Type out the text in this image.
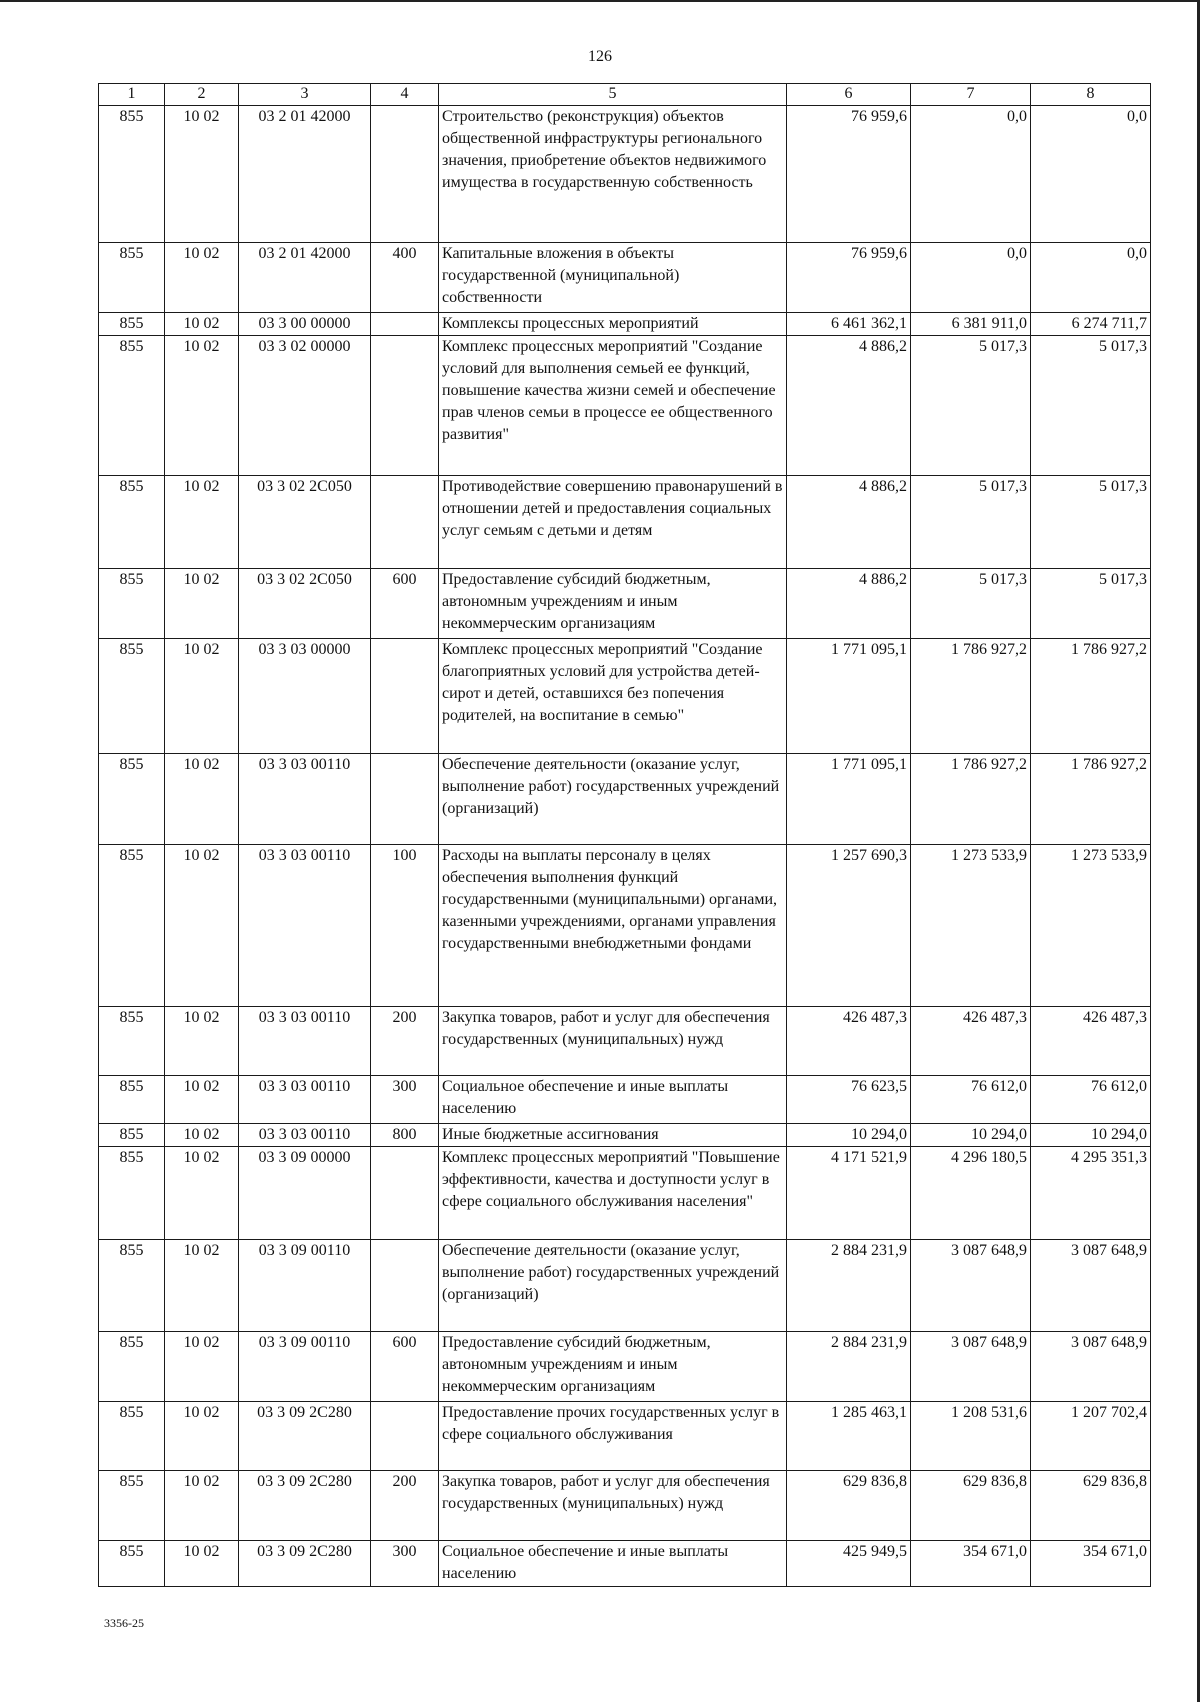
126
1	2	3	4	5	6	7	8
855	10 02	03 2 01 42000		Строительство (реконструкция) объектов общественной инфраструктуры регионального значения, приобретение объектов недвижимого имущества в государственную собственность	76 959,6	0,0	0,0
855	10 02	03 2 01 42000	400	Капитальные вложения в объекты государственной (муниципальной) собственности	76 959,6	0,0	0,0
855	10 02	03 3 00 00000		Комплексы процессных мероприятий	6 461 362,1	6 381 911,0	6 274 711,7
855	10 02	03 3 02 00000		Комплекс процессных мероприятий "Создание условий для выполнения семьей ее функций, повышение качества жизни семей и обеспечение прав членов семьи в процессе ее общественного развития"	4 886,2	5 017,3	5 017,3
855	10 02	03 3 02 2C050		Противодействие совершению правонарушений в отношении детей и предоставления социальных услуг семьям с детьми и детям	4 886,2	5 017,3	5 017,3
855	10 02	03 3 02 2C050	600	Предоставление субсидий бюджетным, автономным учреждениям и иным некоммерческим организациям	4 886,2	5 017,3	5 017,3
855	10 02	03 3 03 00000		Комплекс процессных мероприятий "Создание благоприятных условий для устройства детей-сирот и детей, оставшихся без попечения родителей, на воспитание в семью"	1 771 095,1	1 786 927,2	1 786 927,2
855	10 02	03 3 03 00110		Обеспечение деятельности (оказание услуг, выполнение работ) государственных учреждений (организаций)	1 771 095,1	1 786 927,2	1 786 927,2
855	10 02	03 3 03 00110	100	Расходы на выплаты персоналу в целях обеспечения выполнения функций государственными (муниципальными) органами, казенными учреждениями, органами управления государственными внебюджетными фондами	1 257 690,3	1 273 533,9	1 273 533,9
855	10 02	03 3 03 00110	200	Закупка товаров, работ и услуг для обеспечения государственных (муниципальных) нужд	426 487,3	426 487,3	426 487,3
855	10 02	03 3 03 00110	300	Социальное обеспечение и иные выплаты населению	76 623,5	76 612,0	76 612,0
855	10 02	03 3 03 00110	800	Иные бюджетные ассигнования	10 294,0	10 294,0	10 294,0
855	10 02	03 3 09 00000		Комплекс процессных мероприятий "Повышение эффективности, качества и доступности услуг в сфере социального обслуживания населения"	4 171 521,9	4 296 180,5	4 295 351,3
855	10 02	03 3 09 00110		Обеспечение деятельности (оказание услуг, выполнение работ) государственных учреждений (организаций)	2 884 231,9	3 087 648,9	3 087 648,9
855	10 02	03 3 09 00110	600	Предоставление субсидий бюджетным, автономным учреждениям и иным некоммерческим организациям	2 884 231,9	3 087 648,9	3 087 648,9
855	10 02	03 3 09 2C280		Предоставление прочих государственных услуг в сфере социального обслуживания	1 285 463,1	1 208 531,6	1 207 702,4
855	10 02	03 3 09 2C280	200	Закупка товаров, работ и услуг для обеспечения государственных (муниципальных) нужд	629 836,8	629 836,8	629 836,8
855	10 02	03 3 09 2C280	300	Социальное обеспечение и иные выплаты населению	425 949,5	354 671,0	354 671,0
3356-25
